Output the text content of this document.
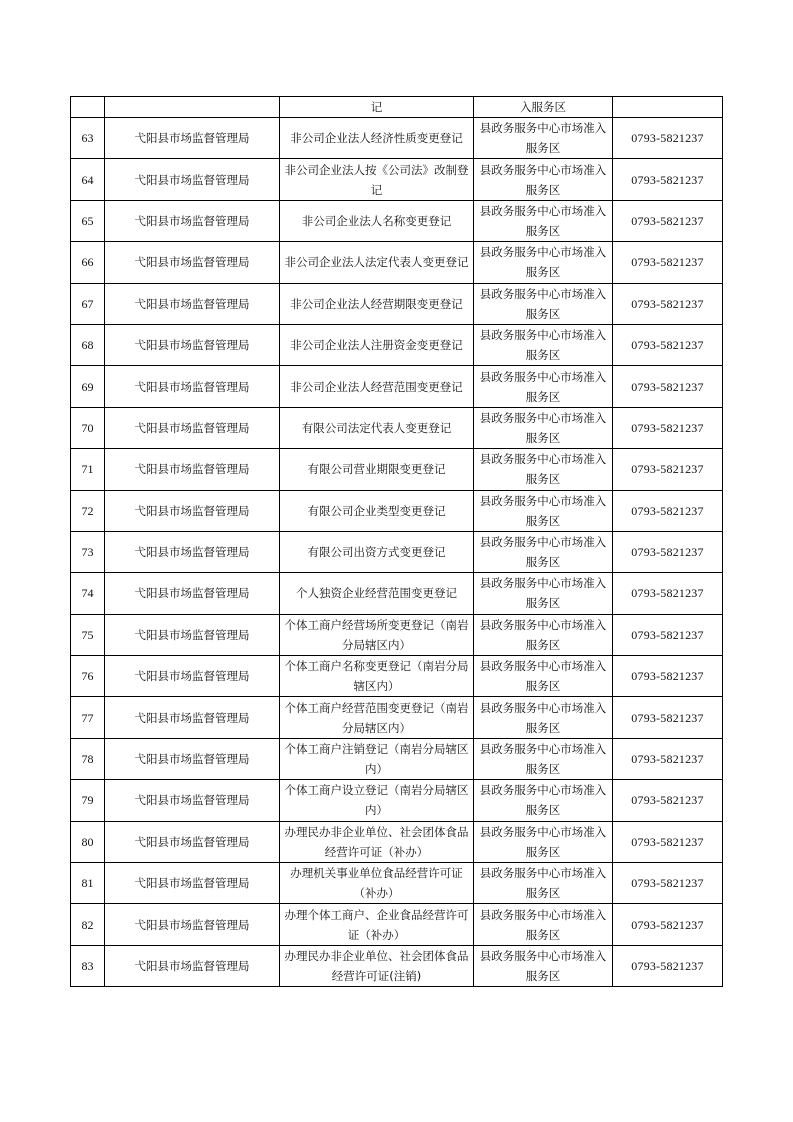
		记	入服务区	
63	弋阳县市场监督管理局	非公司企业法人经济性质变更登记	县政务服务中心市场准入服务区	0793-5821237
64	弋阳县市场监督管理局	非公司企业法人按《公司法》改制登记	县政务服务中心市场准入服务区	0793-5821237
65	弋阳县市场监督管理局	非公司企业法人名称变更登记	县政务服务中心市场准入服务区	0793-5821237
66	弋阳县市场监督管理局	非公司企业法人法定代表人变更登记	县政务服务中心市场准入服务区	0793-5821237
67	弋阳县市场监督管理局	非公司企业法人经营期限变更登记	县政务服务中心市场准入服务区	0793-5821237
68	弋阳县市场监督管理局	非公司企业法人注册资金变更登记	县政务服务中心市场准入服务区	0793-5821237
69	弋阳县市场监督管理局	非公司企业法人经营范围变更登记	县政务服务中心市场准入服务区	0793-5821237
70	弋阳县市场监督管理局	有限公司法定代表人变更登记	县政务服务中心市场准入服务区	0793-5821237
71	弋阳县市场监督管理局	有限公司营业期限变更登记	县政务服务中心市场准入服务区	0793-5821237
72	弋阳县市场监督管理局	有限公司企业类型变更登记	县政务服务中心市场准入服务区	0793-5821237
73	弋阳县市场监督管理局	有限公司出资方式变更登记	县政务服务中心市场准入服务区	0793-5821237
74	弋阳县市场监督管理局	个人独资企业经营范围变更登记	县政务服务中心市场准入服务区	0793-5821237
75	弋阳县市场监督管理局	个体工商户经营场所变更登记（南岩分局辖区内）	县政务服务中心市场准入服务区	0793-5821237
76	弋阳县市场监督管理局	个体工商户名称变更登记（南岩分局辖区内）	县政务服务中心市场准入服务区	0793-5821237
77	弋阳县市场监督管理局	个体工商户经营范围变更登记（南岩分局辖区内）	县政务服务中心市场准入服务区	0793-5821237
78	弋阳县市场监督管理局	个体工商户注销登记（南岩分局辖区内）	县政务服务中心市场准入服务区	0793-5821237
79	弋阳县市场监督管理局	个体工商户设立登记（南岩分局辖区内）	县政务服务中心市场准入服务区	0793-5821237
80	弋阳县市场监督管理局	办理民办非企业单位、社会团体食品经营许可证（补办）	县政务服务中心市场准入服务区	0793-5821237
81	弋阳县市场监督管理局	办理机关事业单位食品经营许可证（补办）	县政务服务中心市场准入服务区	0793-5821237
82	弋阳县市场监督管理局	办理个体工商户、企业食品经营许可证（补办）	县政务服务中心市场准入服务区	0793-5821237
83	弋阳县市场监督管理局	办理民办非企业单位、社会团体食品经营许可证(注销)	县政务服务中心市场准入服务区	0793-5821237
